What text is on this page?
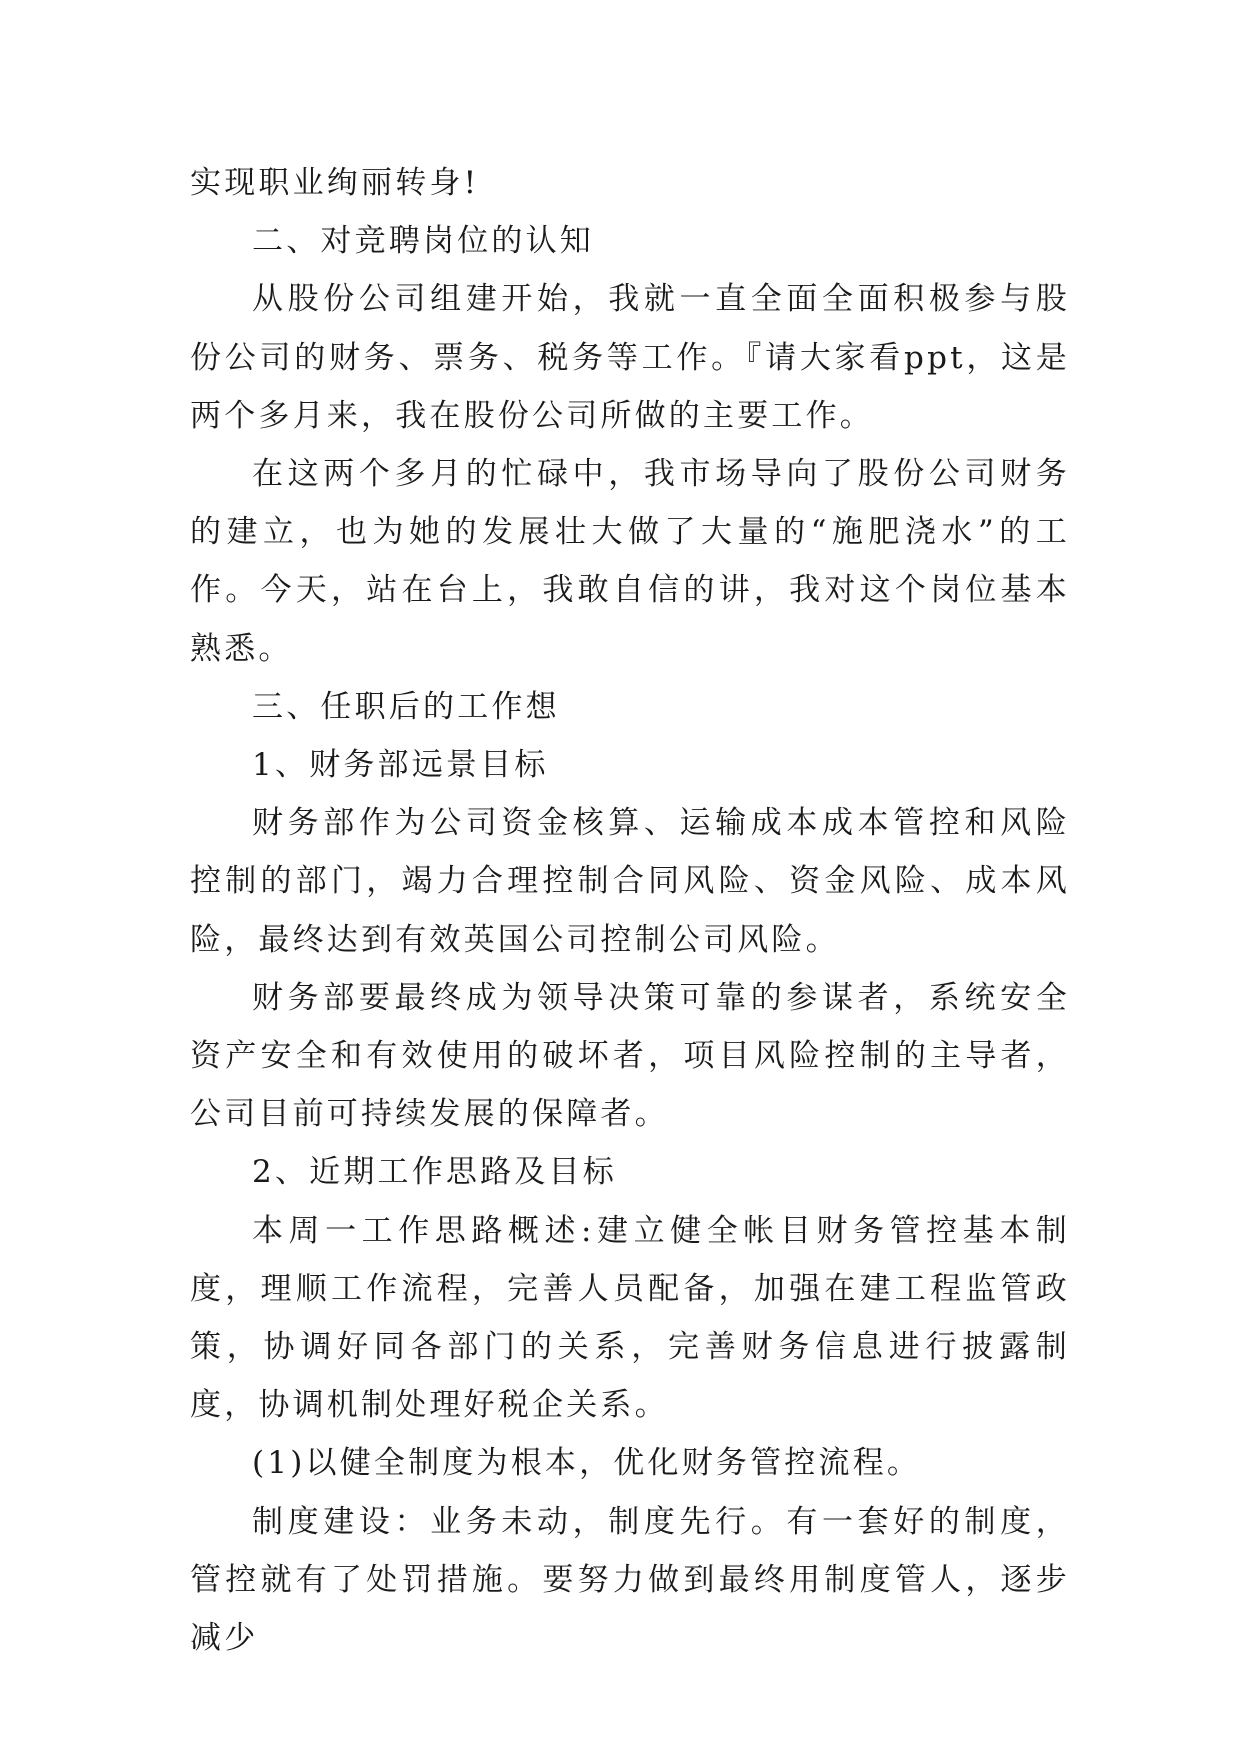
实现职业绚丽转身!

二、对竞聘岗位的认知

从股份公司组建开始，我就一直全面全面积极参与股份公司的财务、票务、税务等工作。『请大家看ppt，这是两个多月来，我在股份公司所做的主要工作。

在这两个多月的忙碌中，我市场导向了股份公司财务的建立，也为她的发展壮大做了大量的“施肥浇水”的工作。今天，站在台上，我敢自信的讲，我对这个岗位基本熟悉。

三、任职后的工作想

1、财务部远景目标

财务部作为公司资金核算、运输成本成本管控和风险控制的部门，竭力合理控制合同风险、资金风险、成本风险，最终达到有效英国公司控制公司风险。

财务部要最终成为领导决策可靠的参谋者，系统安全资产安全和有效使用的破坏者，项目风险控制的主导者，公司目前可持续发展的保障者。

2、近期工作思路及目标

本周一工作思路概述:建立健全帐目财务管控基本制度，理顺工作流程，完善人员配备，加强在建工程监管政策，协调好同各部门的关系，完善财务信息进行披露制度，协调机制处理好税企关系。

(1)以健全制度为根本，优化财务管控流程。

制度建设：业务未动，制度先行。有一套好的制度，管控就有了处罚措施。要努力做到最终用制度管人，逐步减少
